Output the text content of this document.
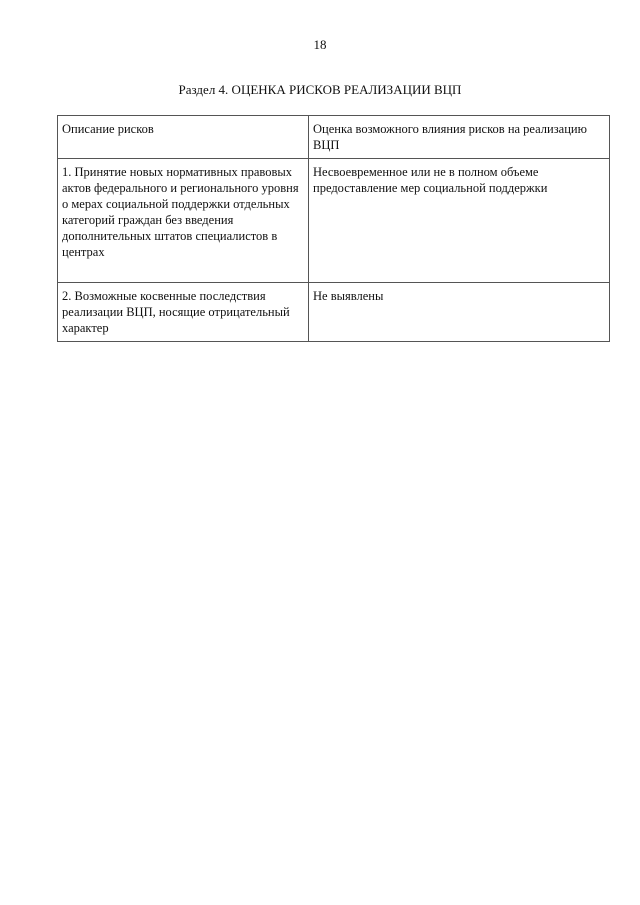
18
Раздел 4. ОЦЕНКА РИСКОВ РЕАЛИЗАЦИИ ВЦП
Описание рисков	Оценка возможного влияния рисков на реализацию ВЦП
1. Принятие новых нормативных правовых актов федерального и регионального уровня о мерах социальной поддержки отдельных категорий граждан без введения дополнительных штатов специалистов в центрах	Несвоевременное или не в полном объеме предоставление мер социальной поддержки
2. Возможные косвенные последствия реализации ВЦП, носящие отрицательный характер	Не выявлены
